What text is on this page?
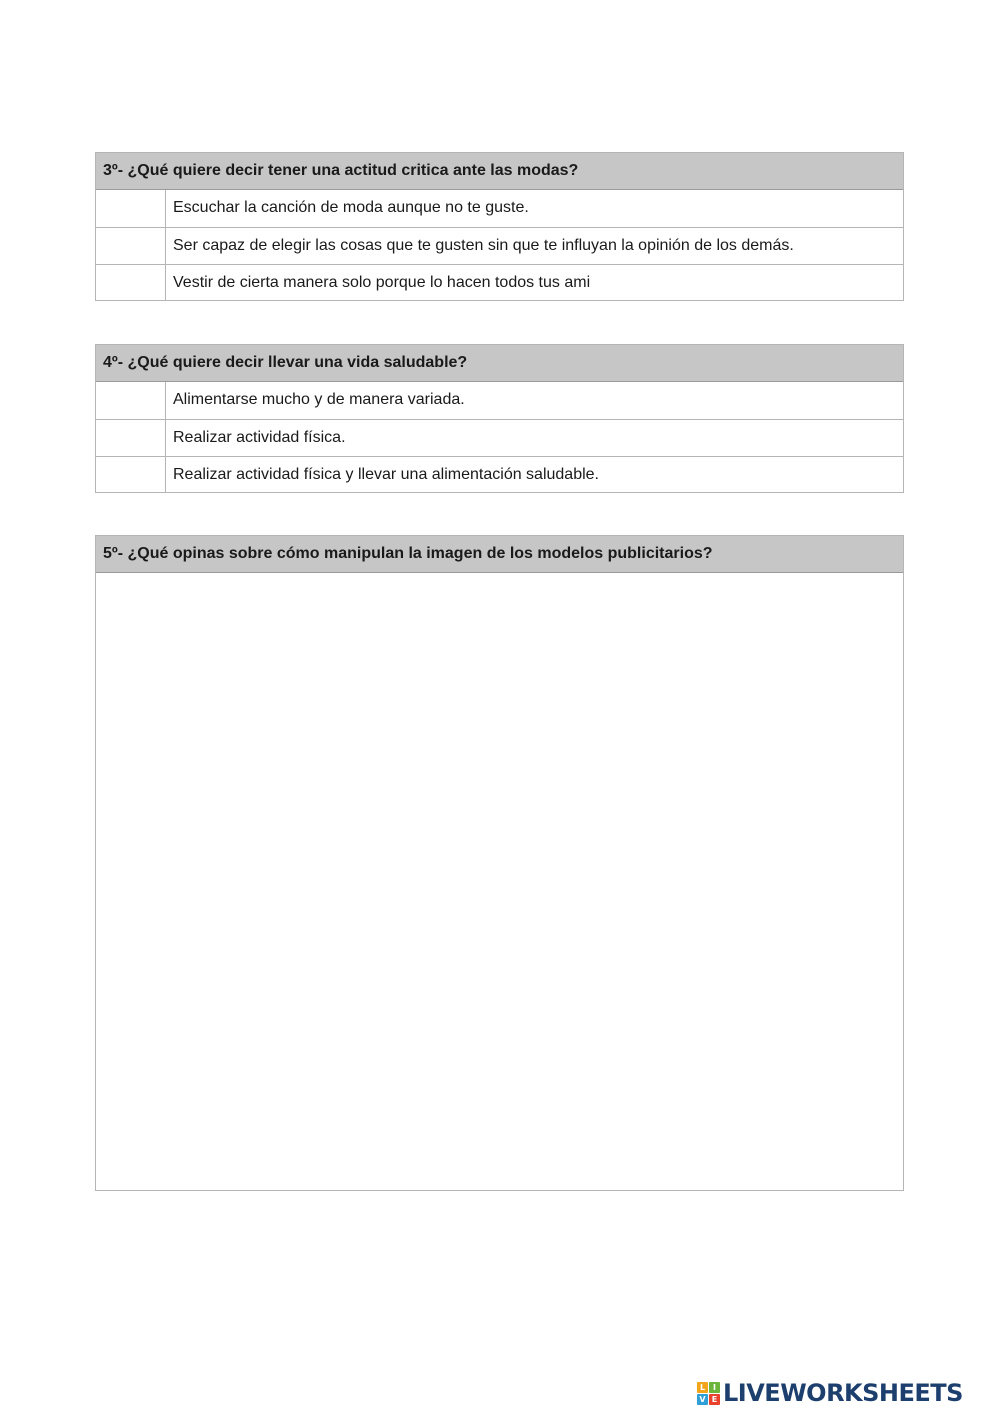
3º- ¿Qué quiere decir tener una actitud critica ante las modas?
Escuchar la canción de moda aunque no te guste.
Ser capaz de elegir las cosas que te gusten sin que te influyan la opinión de los demás.
Vestir de cierta manera solo porque lo hacen todos tus ami
4º- ¿Qué quiere decir llevar una vida saludable?
Alimentarse mucho y de manera variada.
Realizar actividad física.
Realizar actividad física y llevar una alimentación saludable.
5º- ¿Qué opinas sobre cómo manipulan la imagen de los modelos publicitarios?
L I
V E LIVEWORKSHEETS
